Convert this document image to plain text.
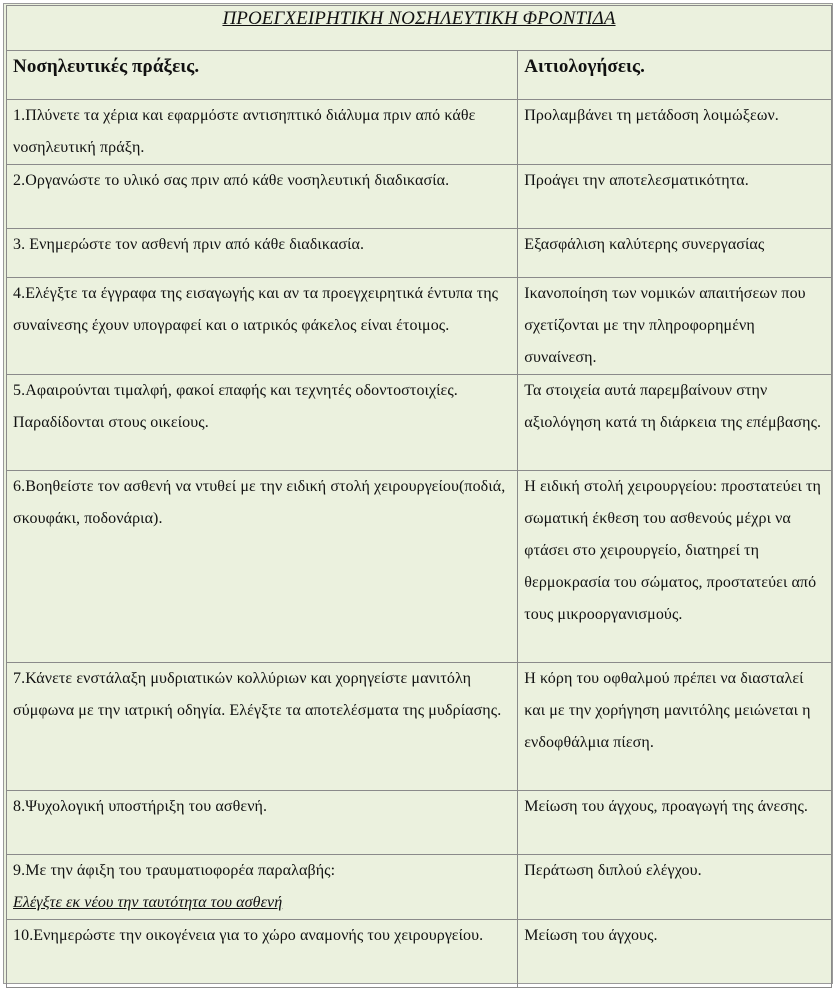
ΠΡΟΕΓΧΕΙΡΗΤΙΚΗ ΝΟΣΗΛΕΥΤΙΚΗ ΦΡΟΝΤΙΔΑ	
Νοσηλευτικές πράξεις.	Αιτιολογήσεις.
1.Πλύνετε τα χέρια και εφαρμόστε αντισηπτικό διάλυμα πριν από κάθε νοσηλευτική πράξη.	Προλαμβάνει τη μετάδοση λοιμώξεων.
2.Οργανώστε το υλικό σας πριν από κάθε νοσηλευτική διαδικασία.	Προάγει την αποτελεσματικότητα.
3. Ενημερώστε τον ασθενή πριν από κάθε διαδικασία.	Εξασφάλιση καλύτερης συνεργασίας
4.Ελέγξτε τα έγγραφα της εισαγωγής και αν τα προεγχειρητικά έντυπα της συναίνεσης έχουν υπογραφεί και ο ιατρικός φάκελος είναι έτοιμος.	Ικανοποίηση των νομικών απαιτήσεων που σχετίζονται με την πληροφορημένη συναίνεση.
5.Αφαιρούνται τιμαλφή, φακοί επαφής και τεχνητές οδοντοστοιχίες. Παραδίδονται στους οικείους.	Τα στοιχεία αυτά παρεμβαίνουν στην αξιολόγηση κατά τη διάρκεια της επέμβασης.
6.Βοηθείστε τον ασθενή να ντυθεί με την ειδική στολή χειρουργείου(ποδιά, σκουφάκι, ποδονάρια).	Η ειδική στολή χειρουργείου: προστατεύει τη σωματική έκθεση του ασθενούς μέχρι να φτάσει στο χειρουργείο, διατηρεί τη θερμοκρασία του σώματος, προστατεύει από τους μικροοργανισμούς.
7.Κάνετε ενστάλαξη μυδριατικών κολλύριων και χορηγείστε μανιτόλη σύμφωνα με την ιατρική οδηγία. Ελέγξτε τα αποτελέσματα της μυδρίασης.	Η κόρη του οφθαλμού πρέπει να διασταλεί και με την χορήγηση μανιτόλης μειώνεται η ενδοφθάλμια πίεση.
8.Ψυχολογική υποστήριξη του ασθενή.	Μείωση του άγχους, προαγωγή της άνεσης.

9.Με την άφιξη του τραυματιοφορέα παραλαβής:
Ελέγξτε εκ νέου την ταυτότητα του ασθενή	Περάτωση διπλού ελέγχου.
10.Ενημερώστε την οικογένεια για το χώρο αναμονής του χειρουργείου.	Μείωση του άγχους.
